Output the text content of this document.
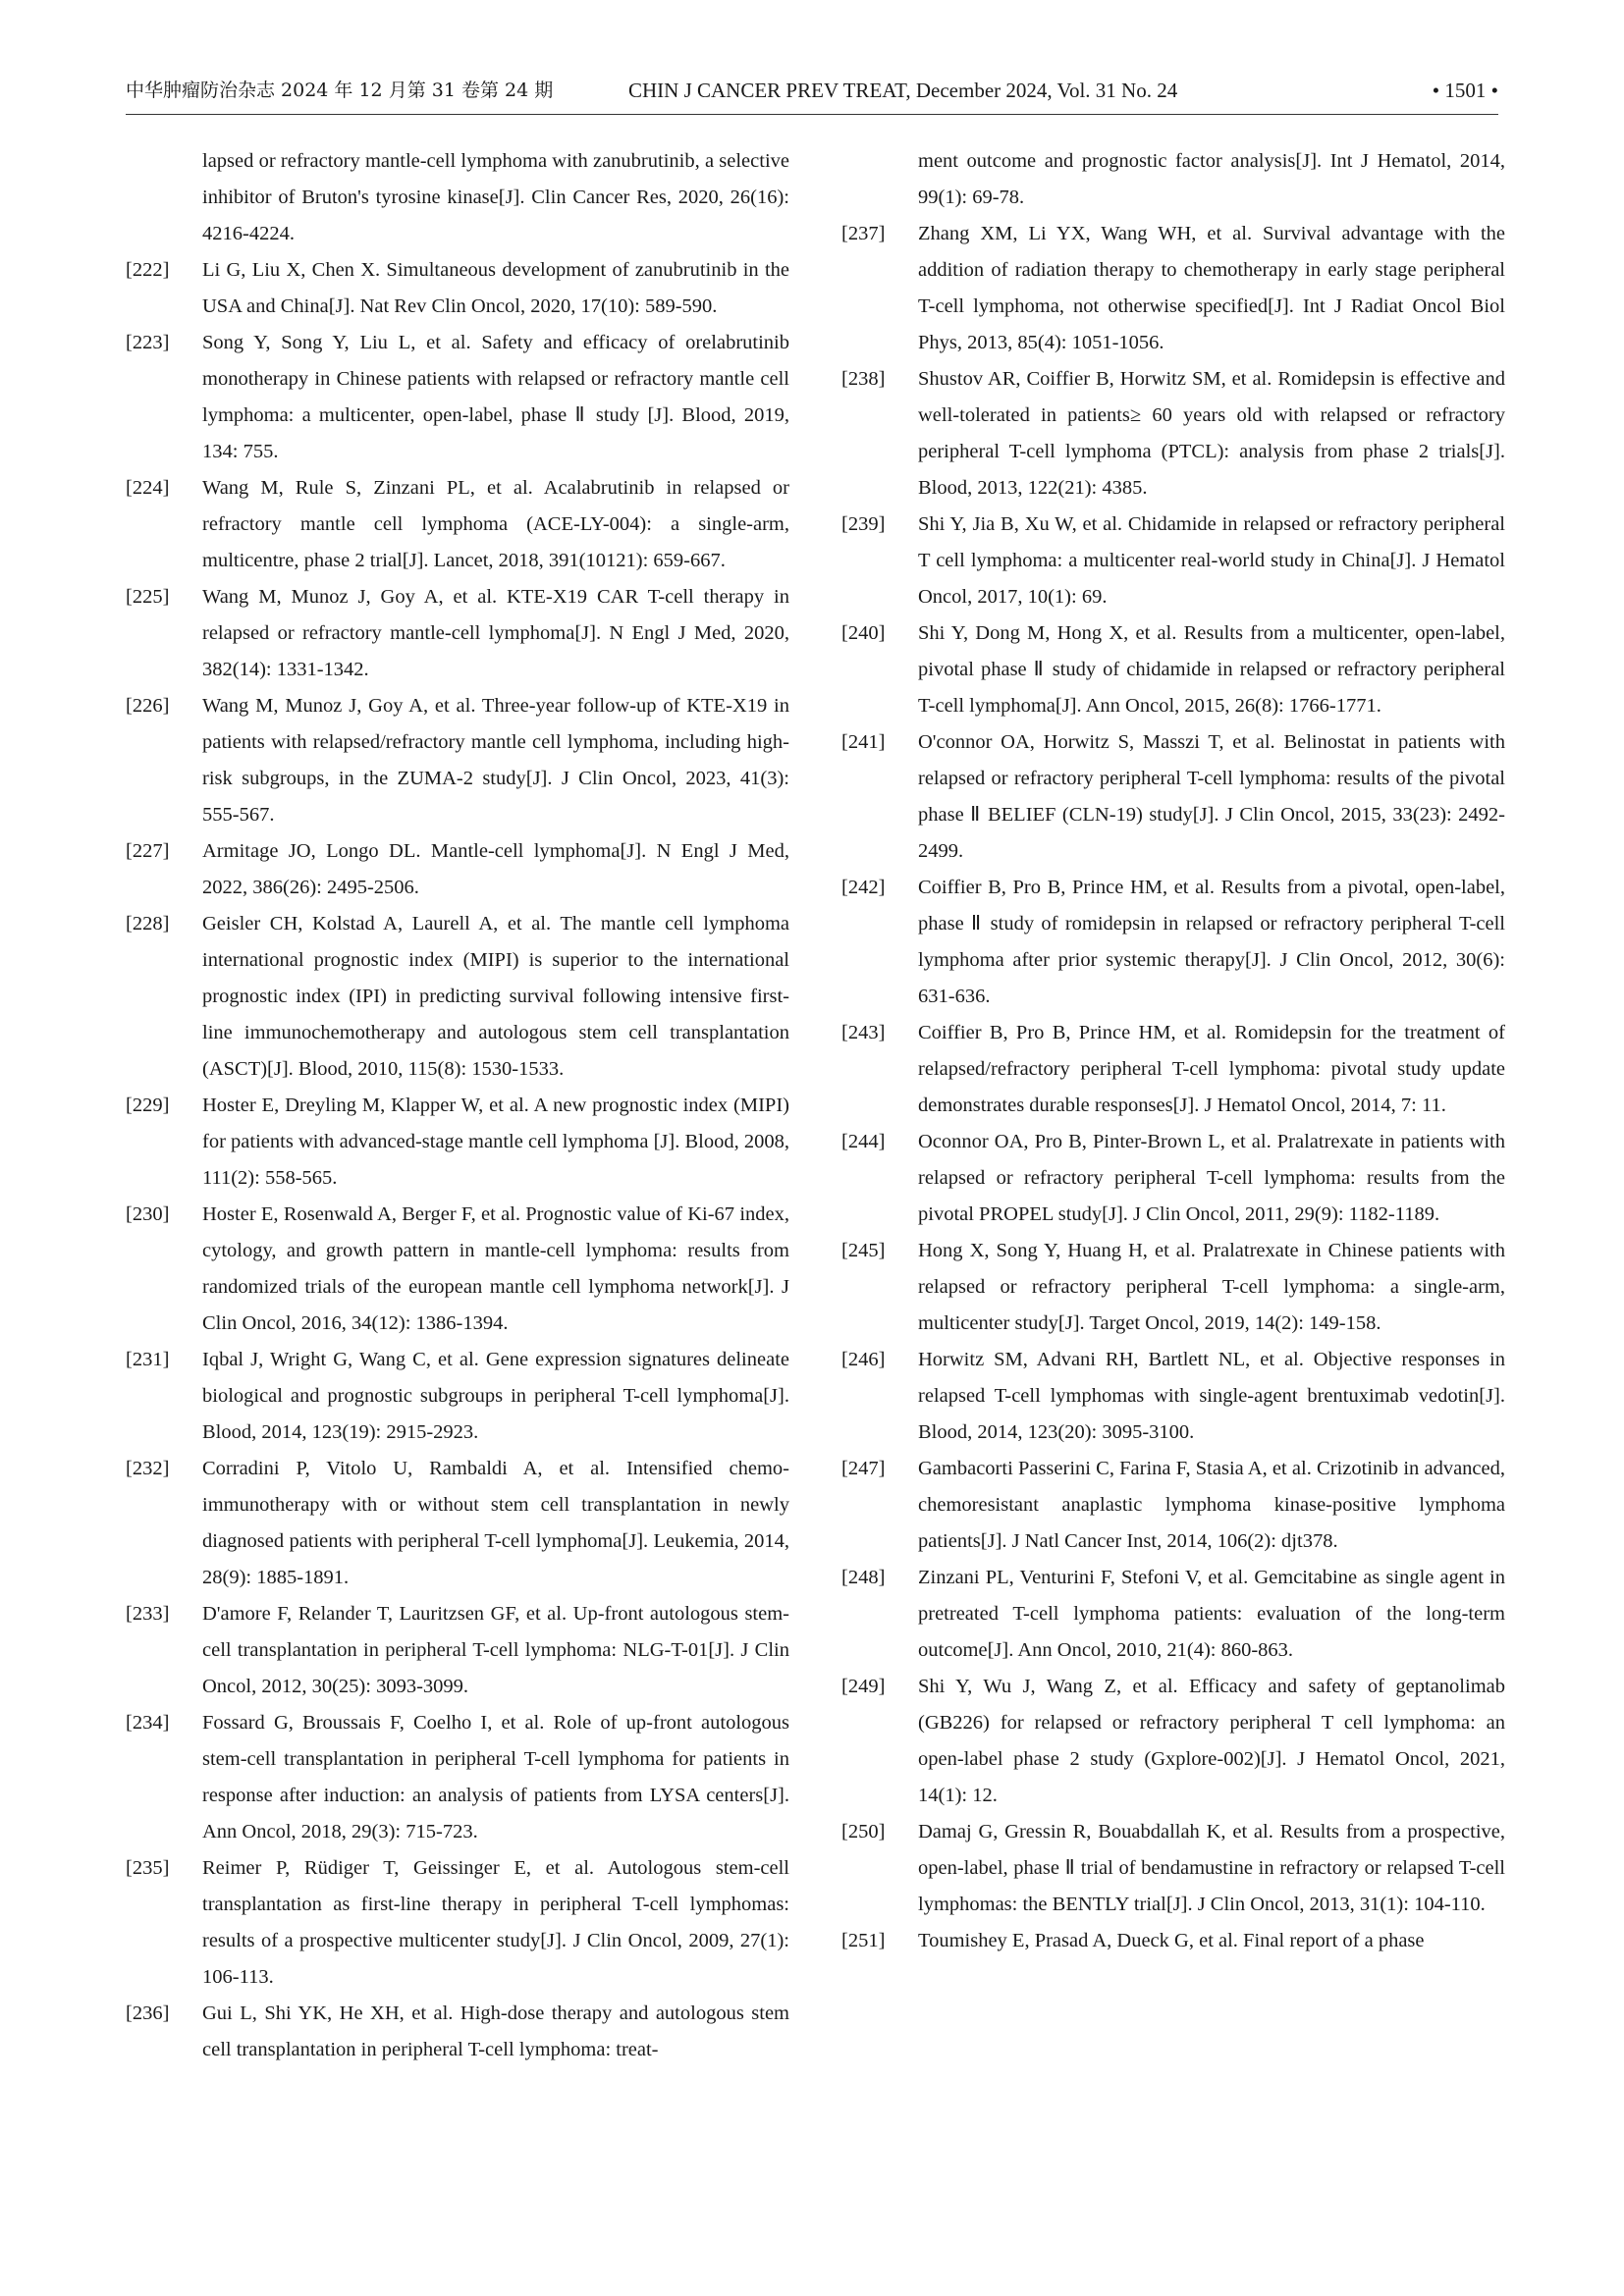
中华肿瘤防治杂志 2024 年 12 月第 31 卷第 24 期	CHIN J CANCER PREV TREAT, December 2024, Vol. 31 No. 24	• 1501 •
lapsed or refractory mantle-cell lymphoma with zanubrutinib, a selective inhibitor of Bruton's tyrosine kinase[J]. Clin Cancer Res, 2020, 26(16): 4216-4224.
[222] Li G, Liu X, Chen X. Simultaneous development of zanubrutinib in the USA and China[J]. Nat Rev Clin Oncol, 2020, 17(10): 589-590.
[223] Song Y, Song Y, Liu L, et al. Safety and efficacy of orelabrutinib monotherapy in Chinese patients with relapsed or refractory mantle cell lymphoma: a multicenter, open-label, phase Ⅱ study [J]. Blood, 2019, 134: 755.
[224] Wang M, Rule S, Zinzani PL, et al. Acalabrutinib in relapsed or refractory mantle cell lymphoma (ACE-LY-004): a single-arm, multicentre, phase 2 trial[J]. Lancet, 2018, 391(10121): 659-667.
[225] Wang M, Munoz J, Goy A, et al. KTE-X19 CAR T-cell therapy in relapsed or refractory mantle-cell lymphoma[J]. N Engl J Med, 2020, 382(14): 1331-1342.
[226] Wang M, Munoz J, Goy A, et al. Three-year follow-up of KTE-X19 in patients with relapsed/refractory mantle cell lymphoma, including high-risk subgroups, in the ZUMA-2 study[J]. J Clin Oncol, 2023, 41(3): 555-567.
[227] Armitage JO, Longo DL. Mantle-cell lymphoma[J]. N Engl J Med, 2022, 386(26): 2495-2506.
[228] Geisler CH, Kolstad A, Laurell A, et al. The mantle cell lymphoma international prognostic index (MIPI) is superior to the international prognostic index (IPI) in predicting survival following intensive first-line immunochemotherapy and autologous stem cell transplantation (ASCT)[J]. Blood, 2010, 115(8): 1530-1533.
[229] Hoster E, Dreyling M, Klapper W, et al. A new prognostic index (MIPI) for patients with advanced-stage mantle cell lymphoma [J]. Blood, 2008, 111(2): 558-565.
[230] Hoster E, Rosenwald A, Berger F, et al. Prognostic value of Ki-67 index, cytology, and growth pattern in mantle-cell lymphoma: results from randomized trials of the european mantle cell lymphoma network[J]. J Clin Oncol, 2016, 34(12): 1386-1394.
[231] Iqbal J, Wright G, Wang C, et al. Gene expression signatures delineate biological and prognostic subgroups in peripheral T-cell lymphoma[J]. Blood, 2014, 123(19): 2915-2923.
[232] Corradini P, Vitolo U, Rambaldi A, et al. Intensified chemo-immunotherapy with or without stem cell transplantation in newly diagnosed patients with peripheral T-cell lymphoma[J]. Leukemia, 2014, 28(9): 1885-1891.
[233] D'amore F, Relander T, Lauritzsen GF, et al. Up-front autologous stem-cell transplantation in peripheral T-cell lymphoma: NLG-T-01[J]. J Clin Oncol, 2012, 30(25): 3093-3099.
[234] Fossard G, Broussais F, Coelho I, et al. Role of up-front autologous stem-cell transplantation in peripheral T-cell lymphoma for patients in response after induction: an analysis of patients from LYSA centers[J]. Ann Oncol, 2018, 29(3): 715-723.
[235] Reimer P, Rüdiger T, Geissinger E, et al. Autologous stem-cell transplantation as first-line therapy in peripheral T-cell lymphomas: results of a prospective multicenter study[J]. J Clin Oncol, 2009, 27(1): 106-113.
[236] Gui L, Shi YK, He XH, et al. High-dose therapy and autologous stem cell transplantation in peripheral T-cell lymphoma: treat-
ment outcome and prognostic factor analysis[J]. Int J Hematol, 2014, 99(1): 69-78.
[237] Zhang XM, Li YX, Wang WH, et al. Survival advantage with the addition of radiation therapy to chemotherapy in early stage peripheral T-cell lymphoma, not otherwise specified[J]. Int J Radiat Oncol Biol Phys, 2013, 85(4): 1051-1056.
[238] Shustov AR, Coiffier B, Horwitz SM, et al. Romidepsin is effective and well-tolerated in patients≥ 60 years old with relapsed or refractory peripheral T-cell lymphoma (PTCL): analysis from phase 2 trials[J]. Blood, 2013, 122(21): 4385.
[239] Shi Y, Jia B, Xu W, et al. Chidamide in relapsed or refractory peripheral T cell lymphoma: a multicenter real-world study in China[J]. J Hematol Oncol, 2017, 10(1): 69.
[240] Shi Y, Dong M, Hong X, et al. Results from a multicenter, open-label, pivotal phase Ⅱ study of chidamide in relapsed or refractory peripheral T-cell lymphoma[J]. Ann Oncol, 2015, 26(8): 1766-1771.
[241] O'connor OA, Horwitz S, Masszi T, et al. Belinostat in patients with relapsed or refractory peripheral T-cell lymphoma: results of the pivotal phase Ⅱ BELIEF (CLN-19) study[J]. J Clin Oncol, 2015, 33(23): 2492-2499.
[242] Coiffier B, Pro B, Prince HM, et al. Results from a pivotal, open-label, phase Ⅱ study of romidepsin in relapsed or refractory peripheral T-cell lymphoma after prior systemic therapy[J]. J Clin Oncol, 2012, 30(6): 631-636.
[243] Coiffier B, Pro B, Prince HM, et al. Romidepsin for the treatment of relapsed/refractory peripheral T-cell lymphoma: pivotal study update demonstrates durable responses[J]. J Hematol Oncol, 2014, 7: 11.
[244] Oconnor OA, Pro B, Pinter-Brown L, et al. Pralatrexate in patients with relapsed or refractory peripheral T-cell lymphoma: results from the pivotal PROPEL study[J]. J Clin Oncol, 2011, 29(9): 1182-1189.
[245] Hong X, Song Y, Huang H, et al. Pralatrexate in Chinese patients with relapsed or refractory peripheral T-cell lymphoma: a single-arm, multicenter study[J]. Target Oncol, 2019, 14(2): 149-158.
[246] Horwitz SM, Advani RH, Bartlett NL, et al. Objective responses in relapsed T-cell lymphomas with single-agent brentuximab vedotin[J]. Blood, 2014, 123(20): 3095-3100.
[247] Gambacorti Passerini C, Farina F, Stasia A, et al. Crizotinib in advanced, chemoresistant anaplastic lymphoma kinase-positive lymphoma patients[J]. J Natl Cancer Inst, 2014, 106(2): djt378.
[248] Zinzani PL, Venturini F, Stefoni V, et al. Gemcitabine as single agent in pretreated T-cell lymphoma patients: evaluation of the long-term outcome[J]. Ann Oncol, 2010, 21(4): 860-863.
[249] Shi Y, Wu J, Wang Z, et al. Efficacy and safety of geptanolimab (GB226) for relapsed or refractory peripheral T cell lymphoma: an open-label phase 2 study (Gxplore-002)[J]. J Hematol Oncol, 2021, 14(1): 12.
[250] Damaj G, Gressin R, Bouabdallah K, et al. Results from a prospective, open-label, phase Ⅱ trial of bendamustine in refractory or relapsed T-cell lymphomas: the BENTLY trial[J]. J Clin Oncol, 2013, 31(1): 104-110.
[251] Toumishey E, Prasad A, Dueck G, et al. Final report of a phase
